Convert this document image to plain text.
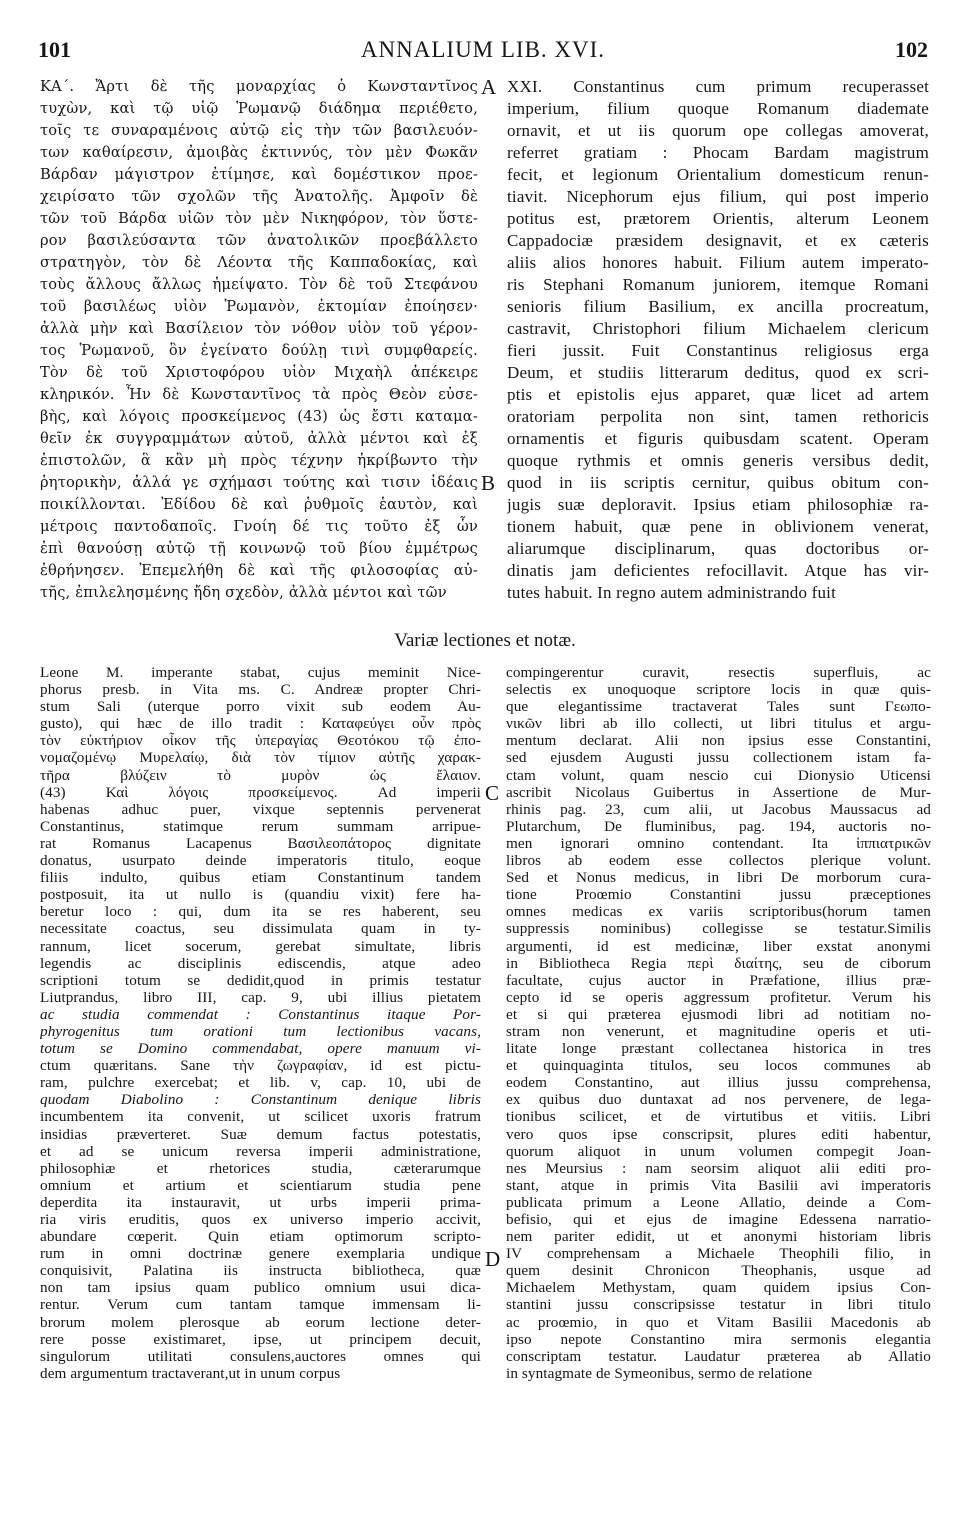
101	ANNALIUM LIB. XVI.	102
ΚΑ΄. Ἄρτι δὲ τῆς μοναρχίας ὁ Κωνσταντῖνος
τυχὼν, καὶ τῷ υἱῷ Ῥωμανῷ διάδημα περιέθετο,
τοῖς τε συναραμένοις αὐτῷ εἰς τὴν τῶν βασιλευόν-
των καθαίρεσιν, ἀμοιβὰς ἐκτιννύς, τὸν μὲν Φωκᾶν
Βάρδαν μάγιστρον ἐτίμησε, καὶ δομέστικον προε-
χειρίσατο τῶν σχολῶν τῆς Ἀνατολῆς. Ἀμφοῖν δὲ
τῶν τοῦ Βάρδα υἱῶν τὸν μὲν Νικηφόρον, τὸν ὕστε-
ρον βασιλεύσαντα τῶν ἀνατολικῶν προεβάλλετο
στρατηγὸν, τὸν δὲ Λέοντα τῆς Καππαδοκίας, καὶ
τοὺς ἄλλους ἄλλως ἠμείψατο. Τὸν δὲ τοῦ Στεφάνου
τοῦ βασιλέως υἱὸν Ῥωμανὸν, ἐκτομίαν ἐποίησεν·
ἀλλὰ μὴν καὶ Βασίλειον τὸν νόθον υἱὸν τοῦ γέρον-
τος Ῥωμανοῦ, ὃν ἐγείνατο δούλῃ τινὶ συμφθαρείς.
Τὸν δὲ τοῦ Χριστοφόρου υἱὸν Μιχαὴλ ἀπέκειρε
κληρικόν. Ἦν δὲ Κωνσταντῖνος τὰ πρὸς Θεὸν εὐσε-
βὴς, καὶ λόγοις προσκείμενος (43) ὡς ἔστι καταμα-
θεῖν ἐκ συγγραμμάτων αὐτοῦ, ἀλλὰ μέντοι καὶ ἐξ
ἐπιστολῶν, ἃ κἂν μὴ πρὸς τέχνην ἠκρίβωντο τὴν
ῥητορικὴν, ἀλλά γε σχήμασι τούτης καὶ τισιν ἰδέαις
ποικίλλονται. Ἐδίδου δὲ καὶ ῥυθμοῖς ἑαυτὸν, καὶ
μέτροις παντοδαποῖς. Γνοίη δέ τις τοῦτο ἐξ ὧν
ἐπὶ θανούσῃ αὐτῷ τῇ κοινωνῷ τοῦ βίου ἐμμέτρως
ἐθρήνησεν. Ἐπεμελήθη δὲ καὶ τῆς φιλοσοφίας αὐ-
τῆς, ἐπιλελησμένης ἤδη σχεδὸν, ἀλλὰ μέντοι καὶ τῶν
XXI. Constantinus cum primum recuperasset
imperium, filium quoque Romanum diademate
ornavit, et ut iis quorum ope collegas amoverat,
referret gratiam : Phocam Bardam magistrum
fecit, et legionum Orientalium domesticum renun-
tiavit. Nicephorum ejus filium, qui post imperio
potitus est, prætorem Orientis, alterum Leonem
Cappadociæ præsidem designavit, et ex cæteris
aliis alios honores habuit. Filium autem imperato-
ris Stephani Romanum juniorem, itemque Romani
senioris filium Basilium, ex ancilla procreatum,
castravit, Christophori filium Michaelem clericum
fieri jussit. Fuit Constantinus religiosus erga
Deum, et studiis litterarum deditus, quod ex scri-
ptis et epistolis ejus apparet, quæ licet ad artem
oratoriam perpolita non sint, tamen rethoricis
ornamentis et figuris quibusdam scatent. Operam
quoque rythmis et omnis generis versibus dedit,
quod in iis scriptis cernitur, quibus obitum con-
jugis suæ deploravit. Ipsius etiam philosophiæ ra-
tionem habuit, quæ pene in oblivionem venerat,
aliarumque disciplinarum, quas doctoribus or-
dinatis jam deficientes refocillavit. Atque has vir-
tutes habuit. In regno autem administrando fuit
A
B
C
D
Variæ lectiones et notæ.
Leone M. imperante stabat, cujus meminit Nice-
phorus presb. in Vita ms. C. Andreæ propter Chri-
stum Sali (uterque porro vixit sub eodem Au-
gusto), qui hæc de illo tradit : Καταφεύγει οὖν πρὸς
τὸν εὐκτήριον οἶκον τῆς ὑπεραγίας Θεοτόκου τῷ ἐπο-
νομαζομένῳ Μυρελαίῳ, διὰ τὸν τίμιον αὐτῆς χαρακ-
τῆρα βλύζειν τὸ μυρὸν ὡς ἔλαιον.
(43) Καὶ λόγοις προσκείμενος. Ad imperii
habenas adhuc puer, vixque septennis pervenerat
Constantinus, statimque rerum summam arripue-
rat Romanus Lacapenus Βασιλεοπάτορος dignitate
donatus, usurpato deinde imperatoris titulo, eoque
filiis indulto, quibus etiam Constantinum tandem
postposuit, ita ut nullo is (quandiu vixit) fere ha-
beretur loco : qui, dum ita se res haberent, seu
necessitate coactus, seu dissimulata quam in ty-
rannum, licet socerum, gerebat simultate, libris
legendis ac disciplinis ediscendis, atque adeo
scriptioni totum se dedidit,quod in primis testatur
Liutprandus, libro III, cap. 9, ubi illius pietatem
ac studia commendat : Constantinus itaque Por-
phyrogenitus tum orationi tum lectionibus vacans,
totum se Domino commendabat, opere manuum vi-
ctum quæritans. Sane τὴν ζωγραφίαν, id est pictu-
ram, pulchre exercebat; et lib. v, cap. 10, ubi de
quodam Diabolino : Constantinum denique libris
incumbentem ita convenit, ut scilicet uxoris fratrum
insidias præverteret. Suæ demum factus potestatis,
et ad se unicum reversa imperii administratione,
philosophiæ et rhetorices studia, cæterarumque
omnium et artium et scientiarum studia pene
deperdita ita instauravit, ut urbs imperii prima-
ria viris eruditis, quos ex universo imperio accivit,
abundare cœperit. Quin etiam optimorum scripto-
rum in omni doctrinæ genere exemplaria undique
conquisivit, Palatina iis instructa bibliotheca, quæ
non tam ipsius quam publico omnium usui dica-
rentur. Verum cum tantam tamque immensam li-
brorum molem plerosque ab eorum lectione deter-
rere posse existimaret, ipse, ut principem decuit,
singulorum utilitati consulens,auctores omnes qui
dem argumentum tractaverant,ut in unum corpus
compingerentur curavit, resectis superfluis, ac
selectis ex unoquoque scriptore locis in quæ quis-
que elegantissime tractaverat Tales sunt Γεωπο-
νικῶν libri ab illo collecti, ut libri titulus et argu-
mentum declarat. Alii non ipsius esse Constantini,
sed ejusdem Augusti jussu collectionem istam fa-
ctam volunt, quam nescio cui Dionysio Uticensi
ascribit Nicolaus Guibertus in Assertione de Mur-
rhinis pag. 23, cum alii, ut Jacobus Maussacus ad
Plutarchum, De fluminibus, pag. 194, auctoris no-
men ignorari omnino contendant. Ita ἱππιατρικῶν
libros ab eodem esse collectos plerique volunt.
Sed et Nonus medicus, in libri De morborum cura-
tione Proœmio Constantini jussu præceptiones
omnes medicas ex variis scriptoribus(horum tamen
suppressis nominibus) collegisse se testatur.Similis
argumenti, id est medicinæ, liber exstat anonymi
in Bibliotheca Regia περὶ διαίτης, seu de ciborum
facultate, cujus auctor in Præfatione, illius præ-
cepto id se operis aggressum profitetur. Verum his
et si qui præterea ejusmodi libri ad notitiam no-
stram non venerunt, et magnitudine operis et uti-
litate longe præstant collectanea historica in tres
et quinquaginta titulos, seu locos communes ab
eodem Constantino, aut illius jussu comprehensa,
ex quibus duo duntaxat ad nos pervenere, de lega-
tionibus scilicet, et de virtutibus et vitiis. Libri
vero quos ipse conscripsit, plures editi habentur,
quorum aliquot in unum volumen compegit Joan-
nes Meursius : nam seorsim aliquot alii editi pro-
stant, atque in primis Vita Basilii avi imperatoris
publicata primum a Leone Allatio, deinde a Com-
befisio, qui et ejus de imagine Edessena narratio-
nem pariter edidit, ut et anonymi historiam libris
IV comprehensam a Michaele Theophili filio, in
quem desinit Chronicon Theophanis, usque ad
Michaelem Methystam, quam quidem ipsius Con-
stantini jussu conscripsisse testatur in libri titulo
ac proœmio, in quo et Vitam Basilii Macedonis ab
ipso nepote Constantino mira sermonis elegantia
conscriptam testatur. Laudatur præterea ab Allatio
in syntagmate de Symeonibus, sermo de relatione
